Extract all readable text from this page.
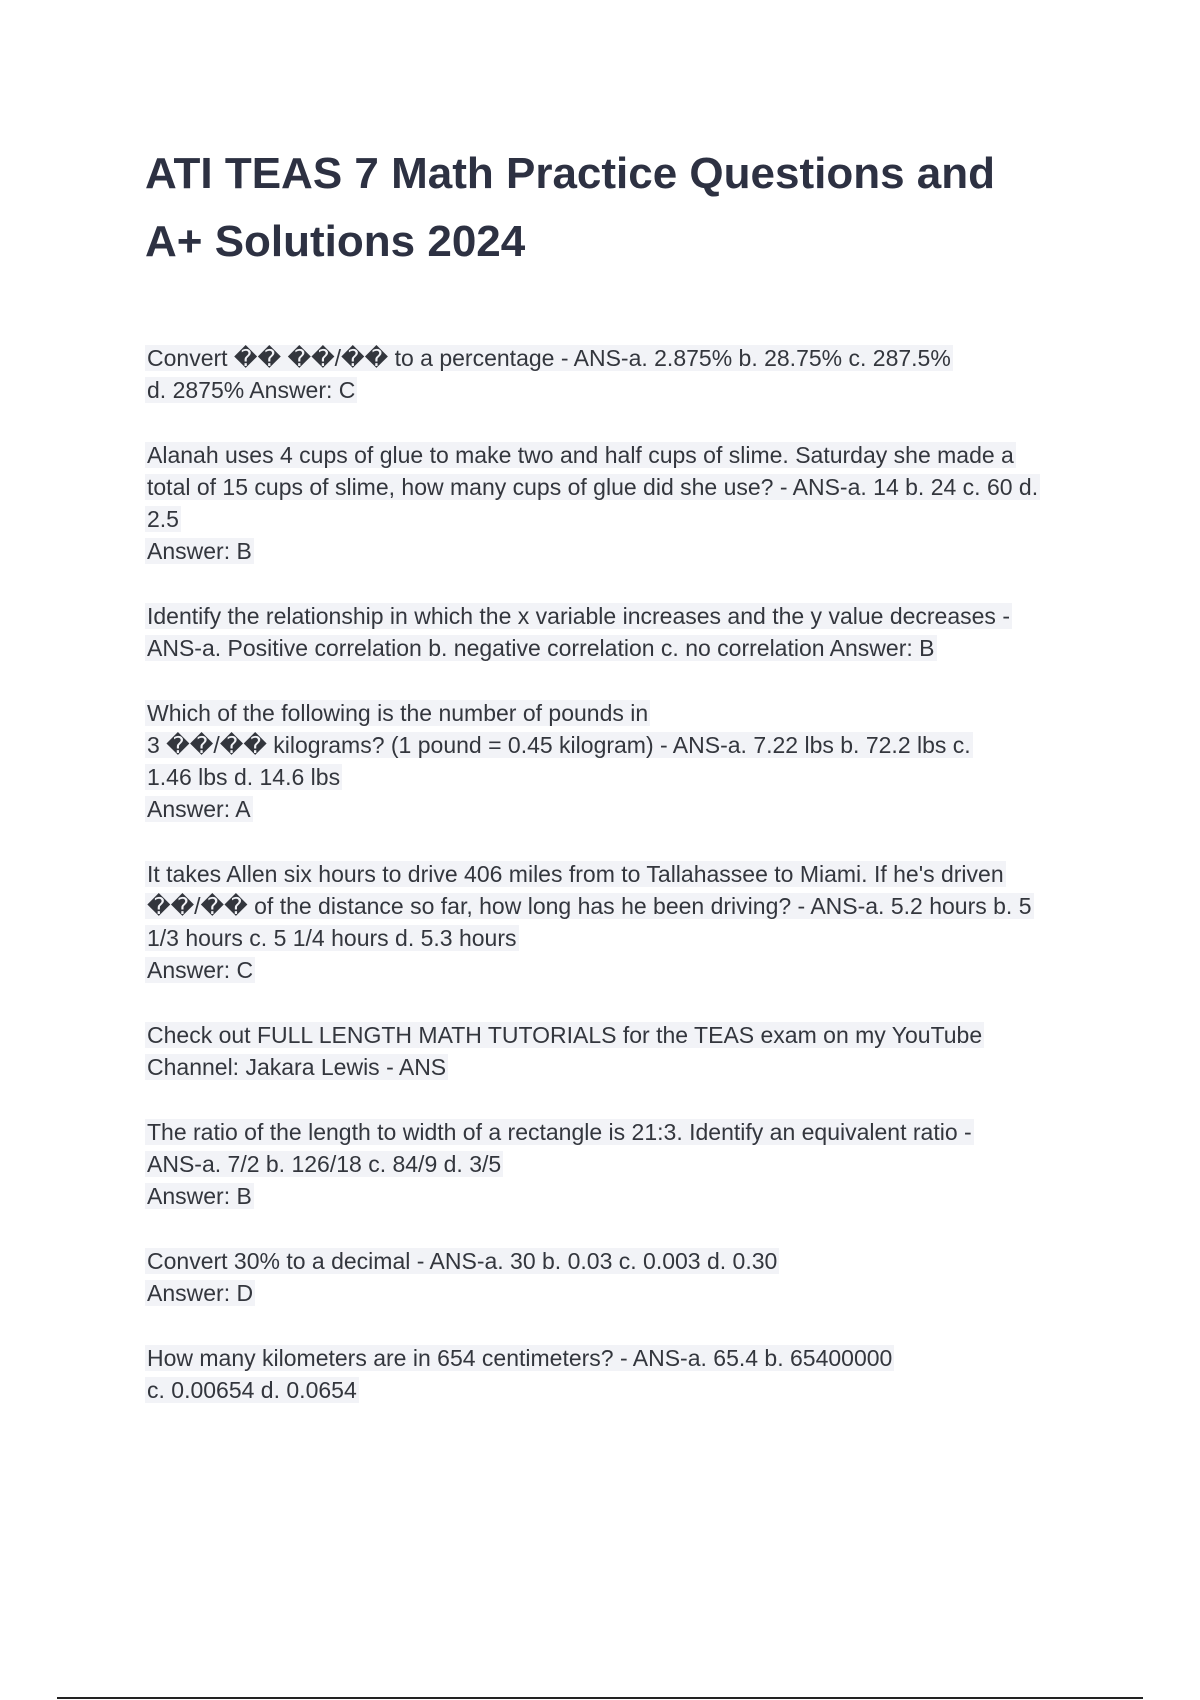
ATI TEAS 7 Math Practice Questions and
A+ Solutions 2024
Convert �� ��/�� to a percentage - ANS-a. 2.875% b. 28.75% c. 287.5%
d. 2875% Answer: C
Alanah uses 4 cups of glue to make two and half cups of slime. Saturday she made a
total of 15 cups of slime, how many cups of glue did she use? - ANS-a. 14 b. 24 c. 60 d.
2.5
Answer: B
Identify the relationship in which the x variable increases and the y value decreases -
ANS-a. Positive correlation b. negative correlation c. no correlation Answer: B
Which of the following is the number of pounds in
3 ��/�� kilograms? (1 pound = 0.45 kilogram) - ANS-a. 7.22 lbs b. 72.2 lbs c.
1.46 lbs d. 14.6 lbs
Answer: A
It takes Allen six hours to drive 406 miles from to Tallahassee to Miami. If he's driven
��/�� of the distance so far, how long has he been driving? - ANS-a. 5.2 hours b. 5
1/3 hours c. 5 1/4 hours d. 5.3 hours
Answer: C
Check out FULL LENGTH MATH TUTORIALS for the TEAS exam on my YouTube
Channel: Jakara Lewis - ANS
The ratio of the length to width of a rectangle is 21:3. Identify an equivalent ratio -
ANS-a. 7/2 b. 126/18 c. 84/9 d. 3/5
Answer: B
Convert 30% to a decimal - ANS-a. 30 b. 0.03 c. 0.003 d. 0.30
Answer: D
How many kilometers are in 654 centimeters? - ANS-a. 65.4 b. 65400000
c. 0.00654 d. 0.0654
